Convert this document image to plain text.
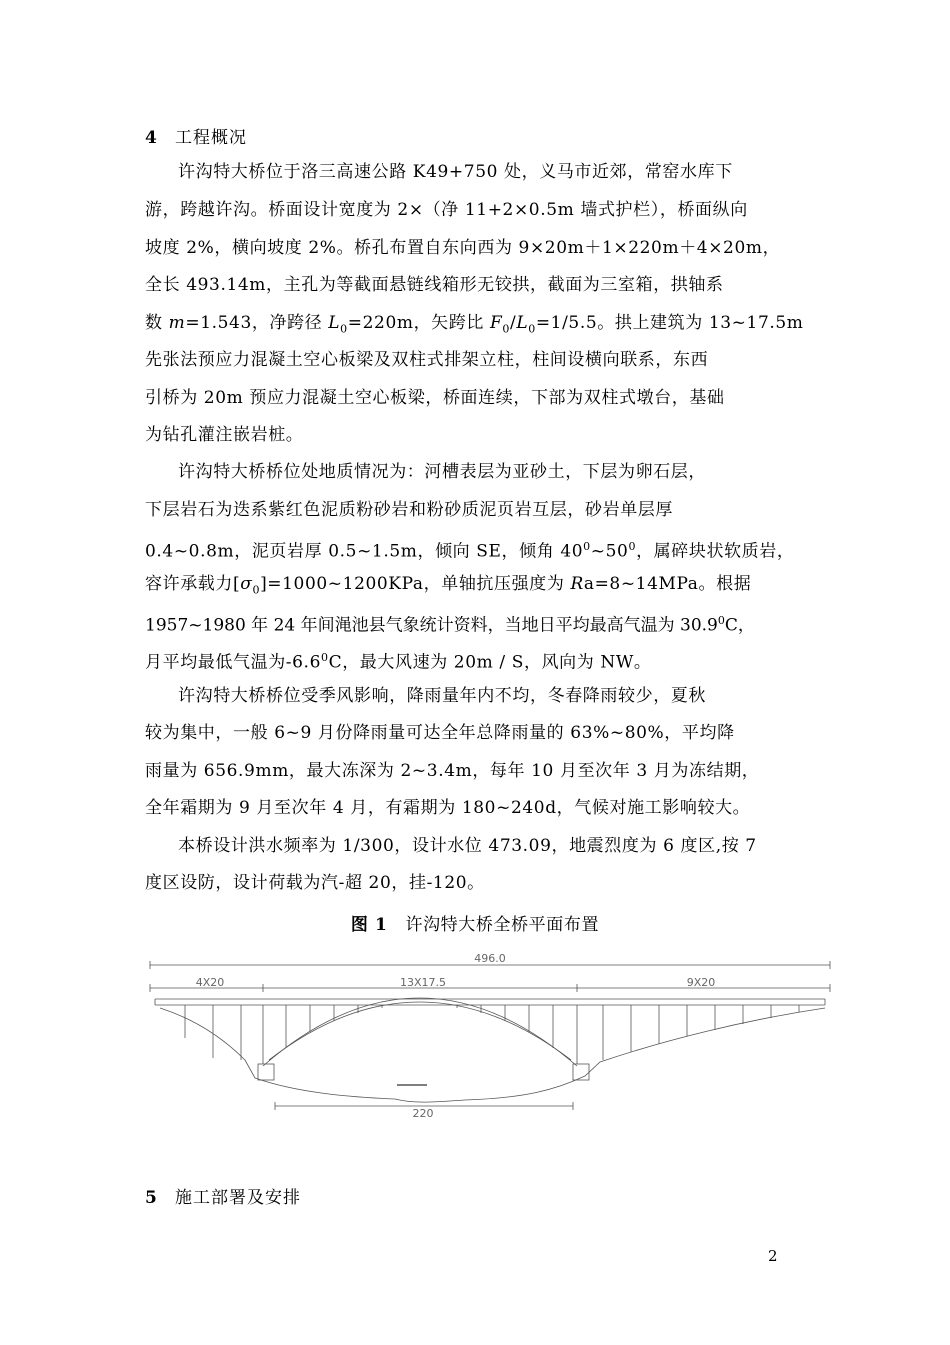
4 工程概况
许沟特大桥位于洛三高速公路 K49+750 处，义马市近郊，常窑水库下
游，跨越许沟。桥面设计宽度为 2×（净 11+2×0.5m 墙式护栏），桥面纵向
坡度 2%，横向坡度 2%。桥孔布置自东向西为 9×20m＋1×220m＋4×20m，
全长 493.14m，主孔为等截面悬链线箱形无铰拱，截面为三室箱，拱轴系
数 m=1.543，净跨径 $L_0=220m$，矢跨比 $F_0/L_0=1/5.5$。拱上建筑为 13~17.5m
先张法预应力混凝土空心板梁及双柱式排架立柱，柱间设横向联系，东西
引桥为 20m 预应力混凝土空心板梁，桥面连续，下部为双柱式墩台，基础
为钻孔灌注嵌岩桩。
许沟特大桥桥位处地质情况为：河槽表层为亚砂土，下层为卵石层，
下层岩石为迭系紫红色泥质粉砂岩和粉砂质泥页岩互层，砂岩单层厚
0.4~0.8m，泥页岩厚 0.5~1.5m，倾向 SE，倾角 $40^0\sim 50^0$，属碎块状软质岩，
容许承载力$[\sigma_0]=1000\sim 1200KPa$，单轴抗压强度为 Ra=8~14MPa。根据
1957~1980 年 24 年间渑池县气象统计资料，当地日平均最高气温为 30.9$^0$C，
月平均最低气温为$-6.6^0C$，最大风速为 20m / S，风向为 NW。
许沟特大桥桥位受季风影响，降雨量年内不均，冬春降雨较少，夏秋
较为集中，一般 6~9 月份降雨量可达全年总降雨量的 63%~80%，平均降
雨量为 656.9mm，最大冻深为 2~3.4m，每年 10 月至次年 3 月为冻结期，
全年霜期为 9 月至次年 4 月，有霜期为 180~240d，气候对施工影响较大。
本桥设计洪水频率为 1/300，设计水位 473.09，地震烈度为 6 度区,按 7
度区设防，设计荷载为汽-超 20，挂-120。
图 1 许沟特大桥全桥平面布置
496.0
4X20	13X17.5	9X20
220
5 施工部署及安排
2
